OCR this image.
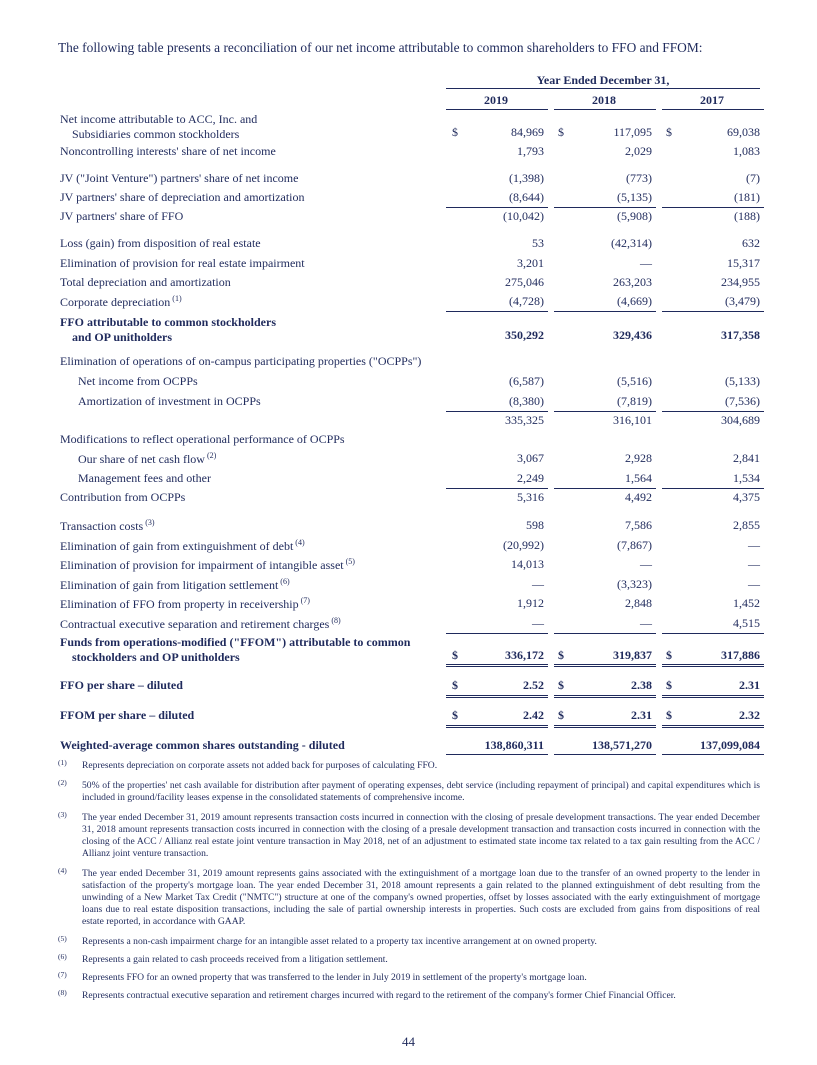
The following table presents a reconciliation of our net income attributable to common shareholders to FFO and FFOM:
Year Ended December 31,
2019	2018	2017
Net income attributable to ACC, Inc. and
Subsidiaries common stockholders	$	84,969 $	117,095 $	69,038
Noncontrolling interests' share of net income	1,793	2,029	1,083
JV ("Joint Venture") partners' share of net income	(1,398)	(773)	(7)
JV partners' share of depreciation and amortization	(8,644)	(5,135)	(181)
JV partners' share of FFO	(10,042)	(5,908)	(188)
Loss (gain) from disposition of real estate	53	(42,314)	632
Elimination of provision for real estate impairment	3,201	—	15,317
Total depreciation and amortization	275,046	263,203	234,955
Corporate depreciation $^{(1)}$	(4,728)	(4,669)	(3,479)
FFO attributable to common stockholders
and OP unitholders	350,292	329,436	317,358
Elimination of operations of on-campus participating properties ("OCPPs")
Net income from OCPPs	(6,587)	(5,516)	(5,133)
Amortization of investment in OCPPs	(8,380)	(7,819)	(7,536)
335,325	316,101	304,689
Modifications to reflect operational performance of OCPPs
Our share of net cash flow $^{(2)}$	3,067	2,928	2,841
Management fees and other	2,249	1,564	1,534
Contribution from OCPPs	5,316	4,492	4,375
Transaction costs $^{(3)}$	598	7,586	2,855
Elimination of gain from extinguishment of debt $^{(4)}$	(20,992)	(7,867)	—
Elimination of provision for impairment of intangible asset $^{(5)}$	14,013	—	—
Elimination of gain from litigation settlement $^{(6)}$	—	(3,323)	—
Elimination of FFO from property in receivership $^{(7)}$	1,912	2,848	1,452
Contractual executive separation and retirement charges $^{(8)}$	—	—	4,515
Funds from operations-modified ("FFOM") attributable to common
stockholders and OP unitholders	$	336,172 $	319,837 $	317,886
FFO per share – diluted	$	2.52 $	2.38 $	2.31
FFOM per share – diluted	$	2.42 $	2.31 $	2.32
Weighted-average common shares outstanding - diluted	138,860,311	138,571,270	137,099,084
(1) Represents depreciation on corporate assets not added back for purposes of calculating FFO.
(2) 50% of the properties' net cash available for distribution after payment of operating expenses, debt service (including repayment of principal) and capital expenditures which is included in ground/facility leases expense in the consolidated statements of comprehensive income.
(3) The year ended December 31, 2019 amount represents transaction costs incurred in connection with the closing of presale development transactions. The year ended December 31, 2018 amount represents transaction costs incurred in connection with the closing of a presale development transaction and transaction costs incurred in connection with the closing of the ACC / Allianz real estate joint venture transaction in May 2018, net of an adjustment to estimated state income tax related to a tax gain resulting from the ACC / Allianz joint venture transaction.
(4) The year ended December 31, 2019 amount represents gains associated with the extinguishment of a mortgage loan due to the transfer of an owned property to the lender in satisfaction of the property's mortgage loan. The year ended December 31, 2018 amount represents a gain related to the planned extinguishment of debt resulting from the unwinding of a New Market Tax Credit ("NMTC") structure at one of the company's owned properties, offset by losses associated with the early extinguishment of mortgage loans due to real estate disposition transactions, including the sale of partial ownership interests in properties. Such costs are excluded from gains from dispositions of real estate reported, in accordance with GAAP.
(5) Represents a non-cash impairment charge for an intangible asset related to a property tax incentive arrangement at on owned property.
(6) Represents a gain related to cash proceeds received from a litigation settlement.
(7) Represents FFO for an owned property that was transferred to the lender in July 2019 in settlement of the property's mortgage loan.
(8) Represents contractual executive separation and retirement charges incurred with regard to the retirement of the company's former Chief Financial Officer.
44
